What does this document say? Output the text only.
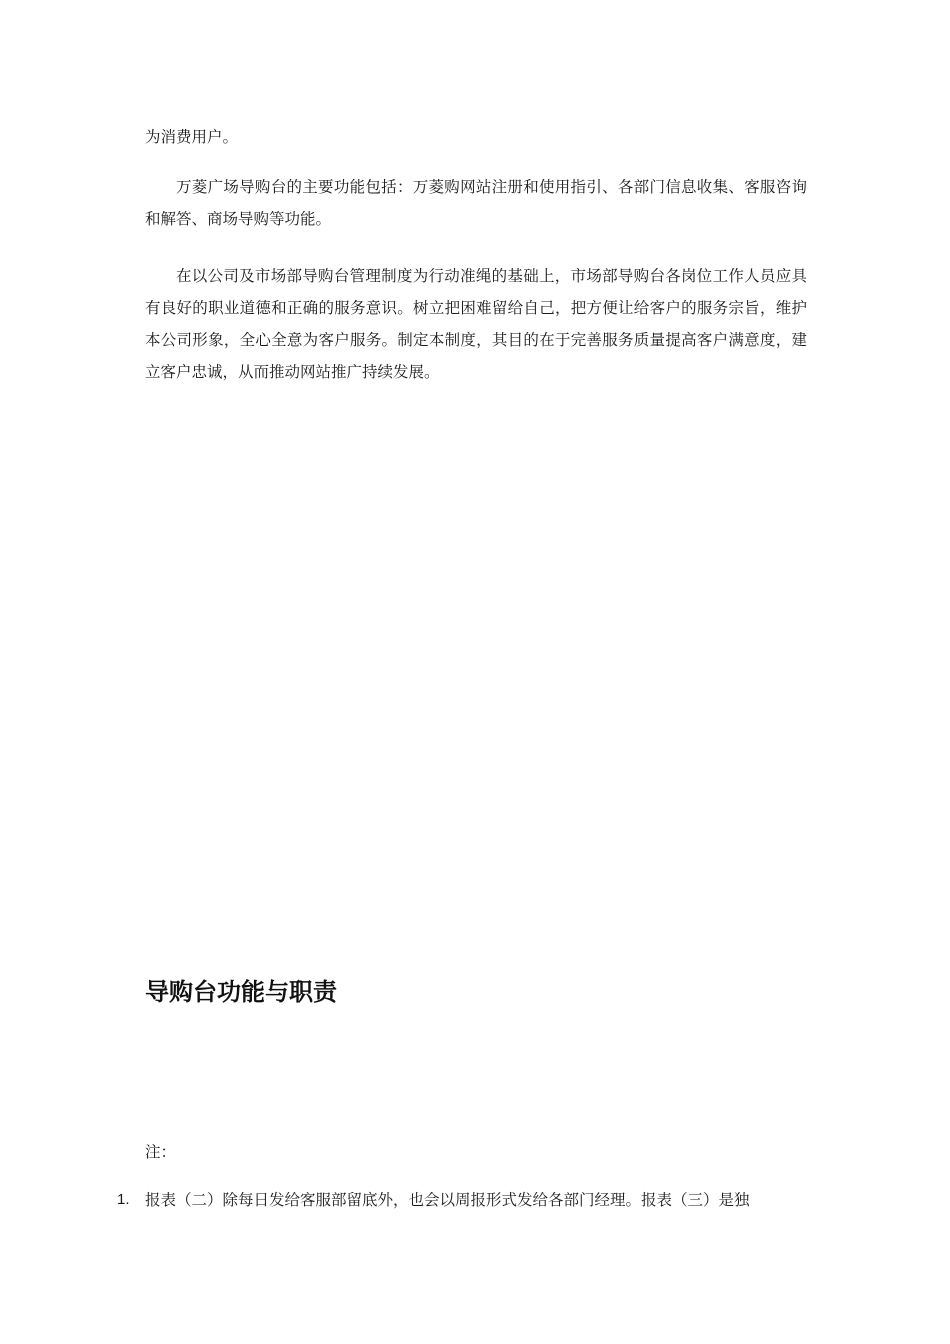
为消费用户。

万菱广场导购台的主要功能包括：万菱购网站注册和使用指引、各部门信息收集、客服咨询和解答、商场导购等功能。

在以公司及市场部导购台管理制度为行动准绳的基础上，市场部导购台各岗位工作人员应具有良好的职业道德和正确的服务意识。树立把困难留给自己，把方便让给客户的服务宗旨，维护本公司形象，全心全意为客户服务。制定本制度，其目的在于完善服务质量提高客户满意度，建立客户忠诚，从而推动网站推广持续发展。

导购台功能与职责

注：

1. 报表（二）除每日发给客服部留底外，也会以周报形式发给各部门经理。报表（三）是独
